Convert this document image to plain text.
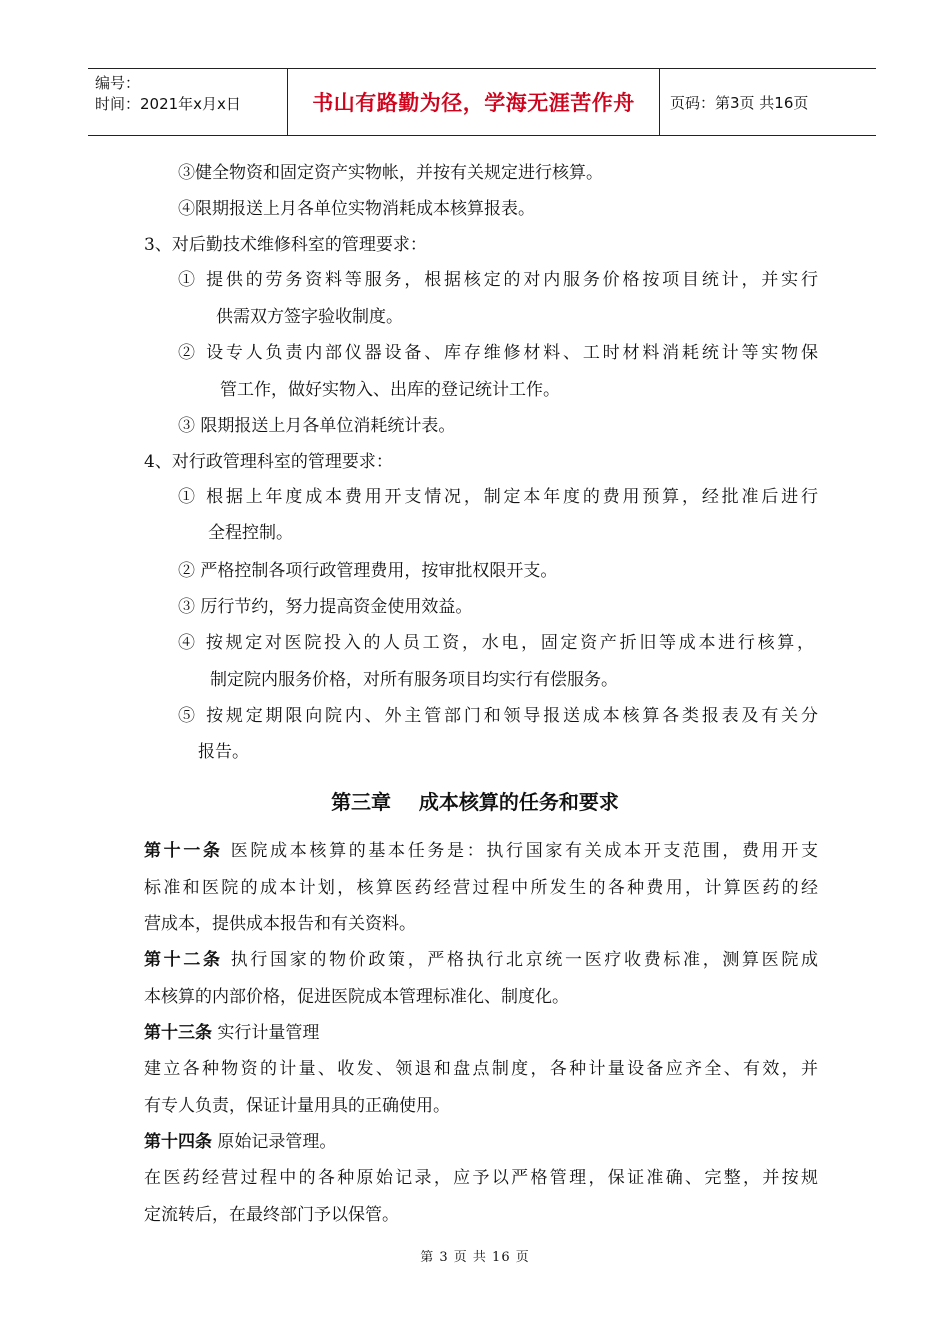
编号：
时间：2021年x月x日	书山有路勤为径，学海无涯苦作舟	页码：第3页 共16页
③健全物资和固定资产实物帐，并按有关规定进行核算。
④限期报送上月各单位实物消耗成本核算报表。
3、对后勤技术维修科室的管理要求：
① 提供的劳务资料等服务，根据核定的对内服务价格按项目统计，并实行
供需双方签字验收制度。
② 设专人负责内部仪器设备、库存维修材料、工时材料消耗统计等实物保
管工作，做好实物入、出库的登记统计工作。
③ 限期报送上月各单位消耗统计表。
4、对行政管理科室的管理要求：
① 根据上年度成本费用开支情况，制定本年度的费用预算，经批准后进行
全程控制。
② 严格控制各项行政管理费用，按审批权限开支。
③ 厉行节约，努力提高资金使用效益。
④ 按规定对医院投入的人员工资，水电，固定资产折旧等成本进行核算，
制定院内服务价格，对所有服务项目均实行有偿服务。
⑤ 按规定期限向院内、外主管部门和领导报送成本核算各类报表及有关分
报告。
第三章    成本核算的任务和要求
第十一条 医院成本核算的基本任务是：执行国家有关成本开支范围，费用开支
标准和医院的成本计划，核算医药经营过程中所发生的各种费用，计算医药的经
营成本，提供成本报告和有关资料。
第十二条 执行国家的物价政策，严格执行北京统一医疗收费标准，测算医院成
本核算的内部价格，促进医院成本管理标准化、制度化。
第十三条 实行计量管理
建立各种物资的计量、收发、领退和盘点制度，各种计量设备应齐全、有效，并
有专人负责，保证计量用具的正确使用。
第十四条 原始记录管理。
在医药经营过程中的各种原始记录，应予以严格管理，保证准确、完整，并按规
定流转后，在最终部门予以保管。
第 3 页 共 16 页
